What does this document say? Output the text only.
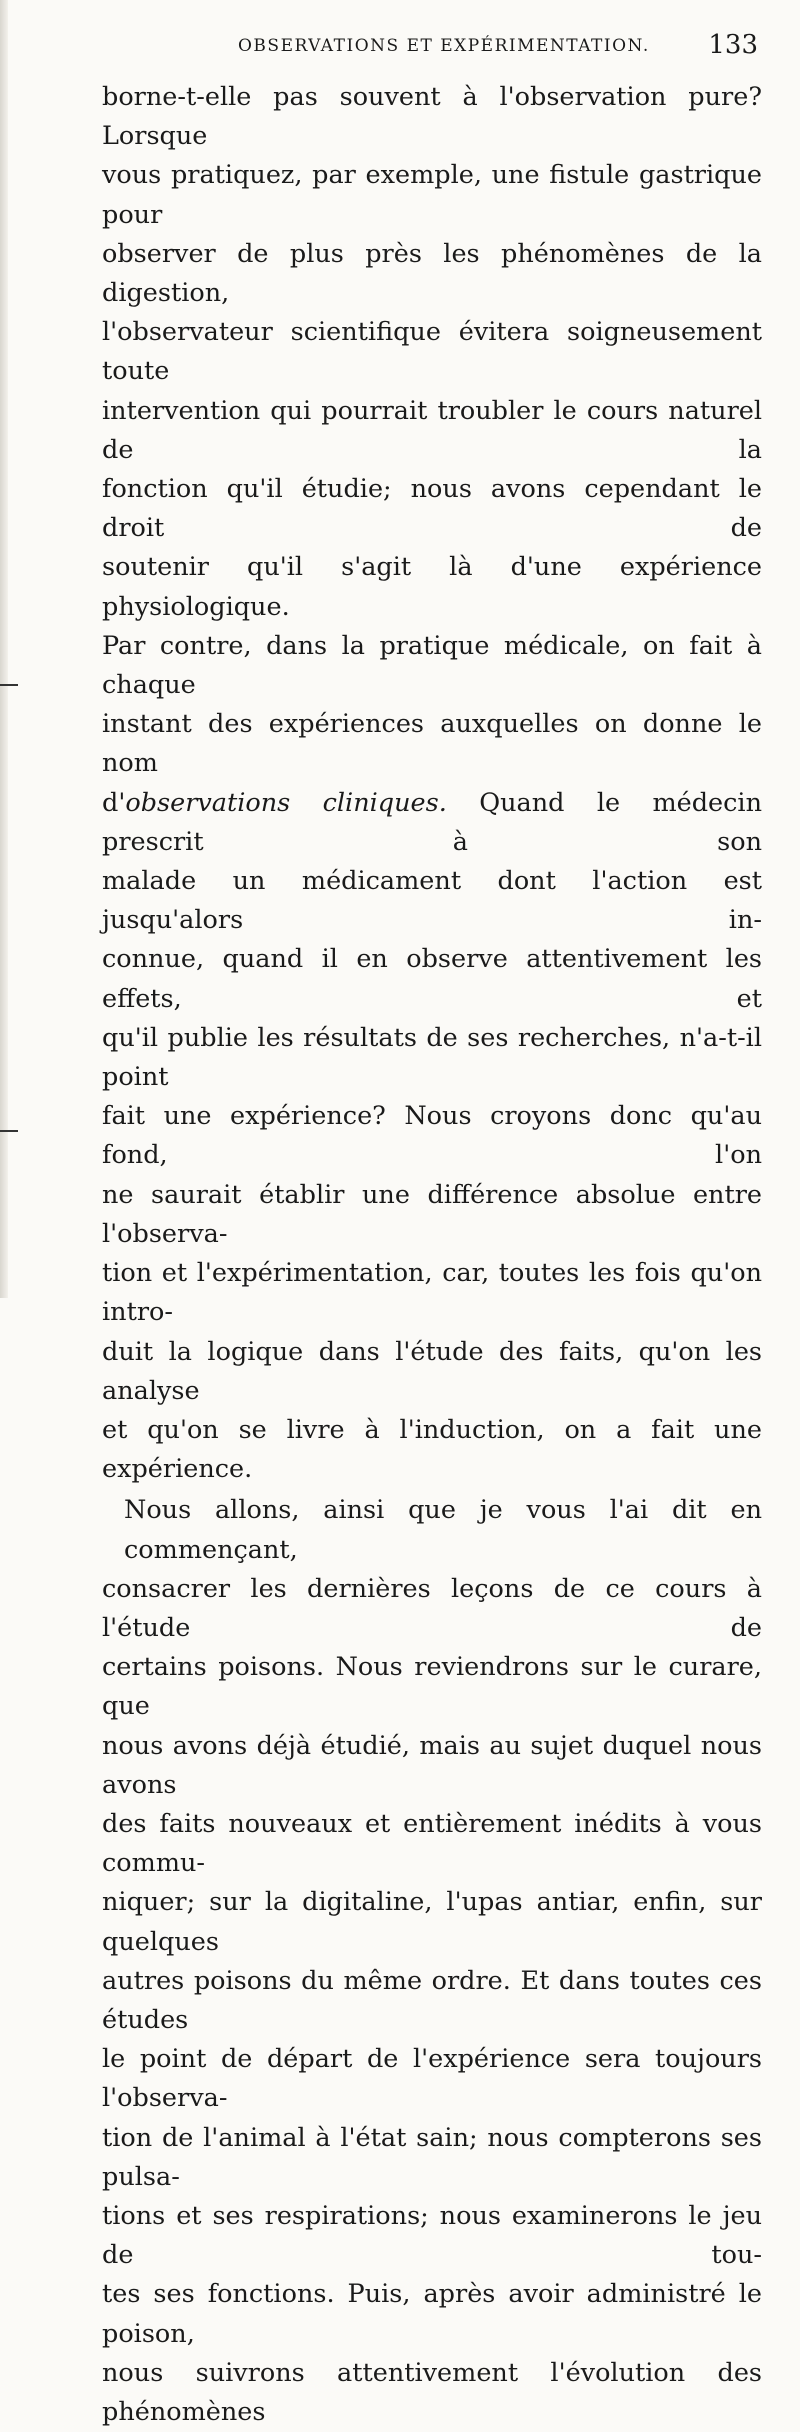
OBSERVATIONS ET EXPÉRIMENTATION. 133

borne-t-elle pas souvent à l'observation pure? Lorsque

vous pratiquez, par exemple, une fistule gastrique pour

observer de plus près les phénomènes de la digestion,

l'observateur scientifique évitera soigneusement toute

intervention qui pourrait troubler le cours naturel de la

fonction qu'il étudie; nous avons cependant le droit de

soutenir qu'il s'agit là d'une expérience physiologique.

Par contre, dans la pratique médicale, on fait à chaque

instant des expériences auxquelles on donne le nom

d'observations cliniques. Quand le médecin prescrit à son

malade un médicament dont l'action est jusqu'alors in-

connue, quand il en observe attentivement les effets, et

qu'il publie les résultats de ses recherches, n'a-t-il point

fait une expérience? Nous croyons donc qu'au fond, l'on

ne saurait établir une différence absolue entre l'observa-

tion et l'expérimentation, car, toutes les fois qu'on intro-

duit la logique dans l'étude des faits, qu'on les analyse

et qu'on se livre à l'induction, on a fait une expérience.

Nous allons, ainsi que je vous l'ai dit en commençant,

consacrer les dernières leçons de ce cours à l'étude de

certains poisons. Nous reviendrons sur le curare, que

nous avons déjà étudié, mais au sujet duquel nous avons

des faits nouveaux et entièrement inédits à vous commu-

niquer; sur la digitaline, l'upas antiar, enfin, sur quelques

autres poisons du même ordre. Et dans toutes ces études

le point de départ de l'expérience sera toujours l'observa-

tion de l'animal à l'état sain; nous compterons ses pulsa-

tions et ses respirations; nous examinerons le jeu de tou-

tes ses fonctions. Puis, après avoir administré le poison,

nous suivrons attentivement l'évolution des phénomènes
